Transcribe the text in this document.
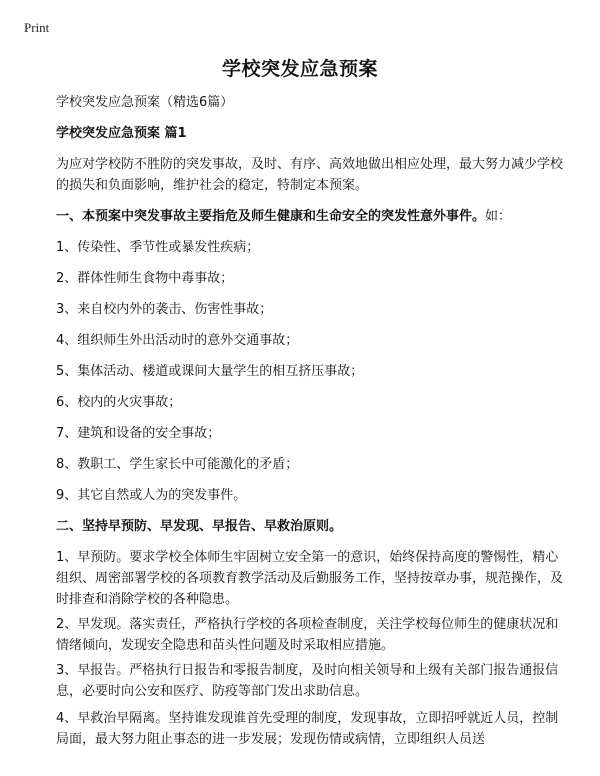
Print
学校突发应急预案
学校突发应急预案（精选6篇）
学校突发应急预案 篇1
为应对学校防不胜防的突发事故，及时、有序、高效地做出相应处理，最大努力减少学校的损失和负面影响，维护社会的稳定，特制定本预案。
一、本预案中突发事故主要指危及师生健康和生命安全的突发性意外事件。如：
1、传染性、季节性或暴发性疾病；
2、群体性师生食物中毒事故；
3、来自校内外的袭击、伤害性事故；
4、组织师生外出活动时的意外交通事故；
5、集体活动、楼道或课间大量学生的相互挤压事故；
6、校内的火灾事故；
7、建筑和设备的安全事故；
8、教职工、学生家长中可能激化的矛盾；
9、其它自然或人为的突发事件。
二、坚持早预防、早发现、早报告、早救治原则。
1、早预防。要求学校全体师生牢固树立安全第一的意识，始终保持高度的警惕性，精心组织、周密部署学校的各项教育教学活动及后勤服务工作，坚持按章办事，规范操作，及时排查和消除学校的各种隐患。
2、早发现。落实责任，严格执行学校的各项检查制度，关注学校每位师生的健康状况和情绪倾向，发现安全隐患和苗头性问题及时采取相应措施。
3、早报告。严格执行日报告和零报告制度，及时向相关领导和上级有关部门报告通报信息，必要时向公安和医疗、防疫等部门发出求助信息。
4、早救治早隔离。坚持谁发现谁首先受理的制度，发现事故，立即招呼就近人员，控制局面，最大努力阻止事态的进一步发展；发现伤情或病情，立即组织人员送
